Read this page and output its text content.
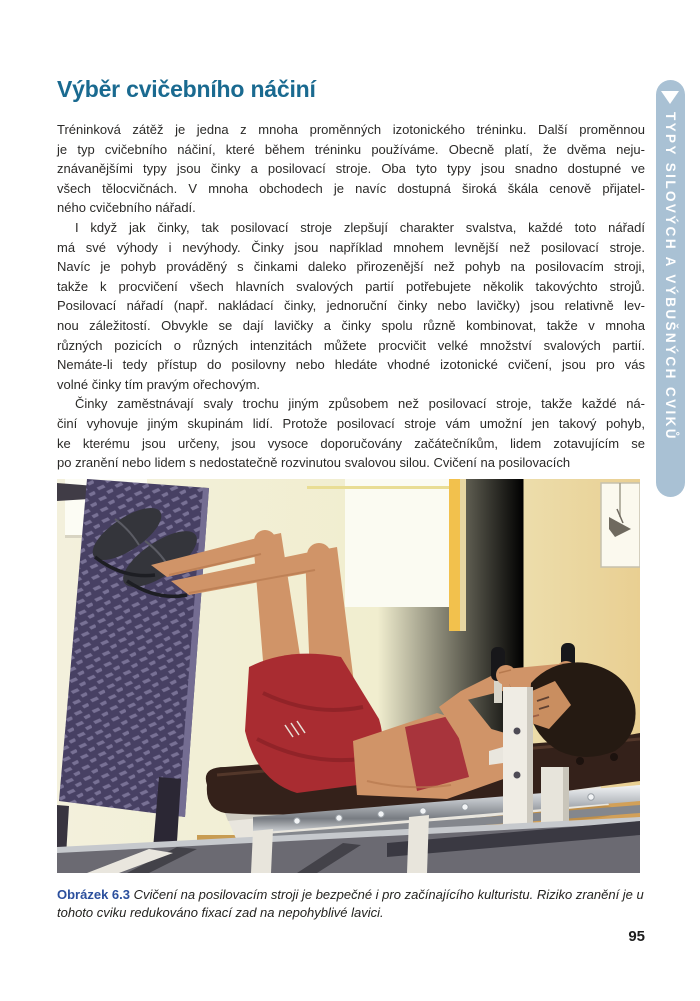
Výběr cvičebního náčiní
Tréninková zátěž je jedna z mnoha proměnných izotonického tréninku. Další proměnnou
je typ cvičebního náčiní, které během tréninku používáme. Obecně platí, že dvěma neju-
znávanějšími typy jsou činky a posilovací stroje. Oba tyto typy jsou snadno dostupné ve
všech tělocvičnách. V mnoha obchodech je navíc dostupná široká škála cenově přijatel-
ného cvičebního nářadí.
I když jak činky, tak posilovací stroje zlepšují charakter svalstva, každé toto nářadí
má své výhody i nevýhody. Činky jsou například mnohem levnější než posilovací stroje.
Navíc je pohyb prováděný s činkami daleko přirozenější než pohyb na posilovacím stroji,
takže k procvičení všech hlavních svalových partií potřebujete několik takovýchto strojů.
Posilovací nářadí (např. nakládací činky, jednoruční činky nebo lavičky) jsou relativně lev-
nou záležitostí. Obvykle se dají lavičky a činky spolu různě kombinovat, takže v mnoha
různých pozicích o různých intenzitách můžete procvičit velké množství svalových partií.
Nemáte-li tedy přístup do posilovny nebo hledáte vhodné izotonické cvičení, jsou pro vás
volné činky tím pravým ořechovým.
Činky zaměstnávají svaly trochu jiným způsobem než posilovací stroje, takže každé ná-
činí vyhovuje jiným skupinám lidí. Protože posilovací stroje vám umožní jen takový pohyb,
ke kterému jsou určeny, jsou vysoce doporučovány začátečníkům, lidem zotavujícím se
po zranění nebo lidem s nedostatečně rozvinutou svalovou silou. Cvičení na posilovacích
TYPY SILOVÝCH A VÝBUŠNÝCH CVIKŮ
Obrázek 6.3 Cvičení na posilovacím stroji je bezpečné i pro začínajícího kulturistu. Riziko zranění je u tohoto cviku redukováno fixací zad na nepohyblivé lavici.
95
